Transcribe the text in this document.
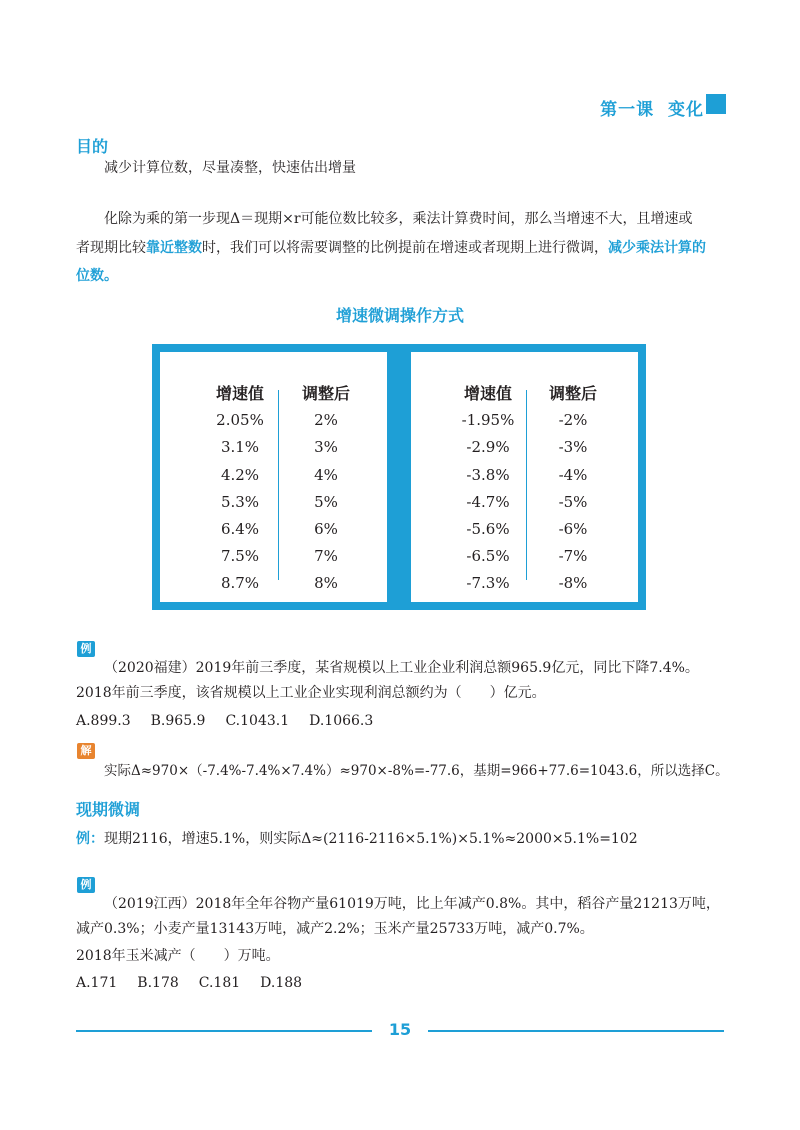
第一课  变化
目的
减少计算位数，尽量凑整，快速估出增量
化除为乘的第一步现Δ＝现期×r可能位数比较多，乘法计算费时间，那么当增速不大，且增速或
者现期比较靠近整数时，我们可以将需要调整的比例提前在增速或者现期上进行微调，减少乘法计算的
位数。
增速微调操作方式
增速值
2.05%
3.1%
4.2%
5.3%
6.4%
7.5%
8.7%
调整后
2%
3%
4%
5%
6%
7%
8%
增速值
-1.95%
-2.9%
-3.8%
-4.7%
-5.6%
-6.5%
-7.3%
调整后
-2%
-3%
-4%
-5%
-6%
-7%
-8%
例
（2020福建）2019年前三季度，某省规模以上工业企业利润总额965.9亿元，同比下降7.4%。
2018年前三季度，该省规模以上工业企业实现利润总额约为（　　）亿元。
A.899.3 B.965.9 C.1043.1 D.1066.3
解
实际Δ≈970×（-7.4%-7.4%×7.4%）≈970×-8%=-77.6，基期=966+77.6=1043.6，所以选择C。
现期微调
例：现期2116，增速5.1%，则实际Δ≈(2116-2116×5.1%)×5.1%≈2000×5.1%=102
例
（2019江西）2018年全年谷物产量61019万吨，比上年减产0.8%。其中，稻谷产量21213万吨，
减产0.3%；小麦产量13143万吨，减产2.2%；玉米产量25733万吨，减产0.7%。
2018年玉米减产（　　）万吨。
A.171 B.178 C.181 D.188
15
